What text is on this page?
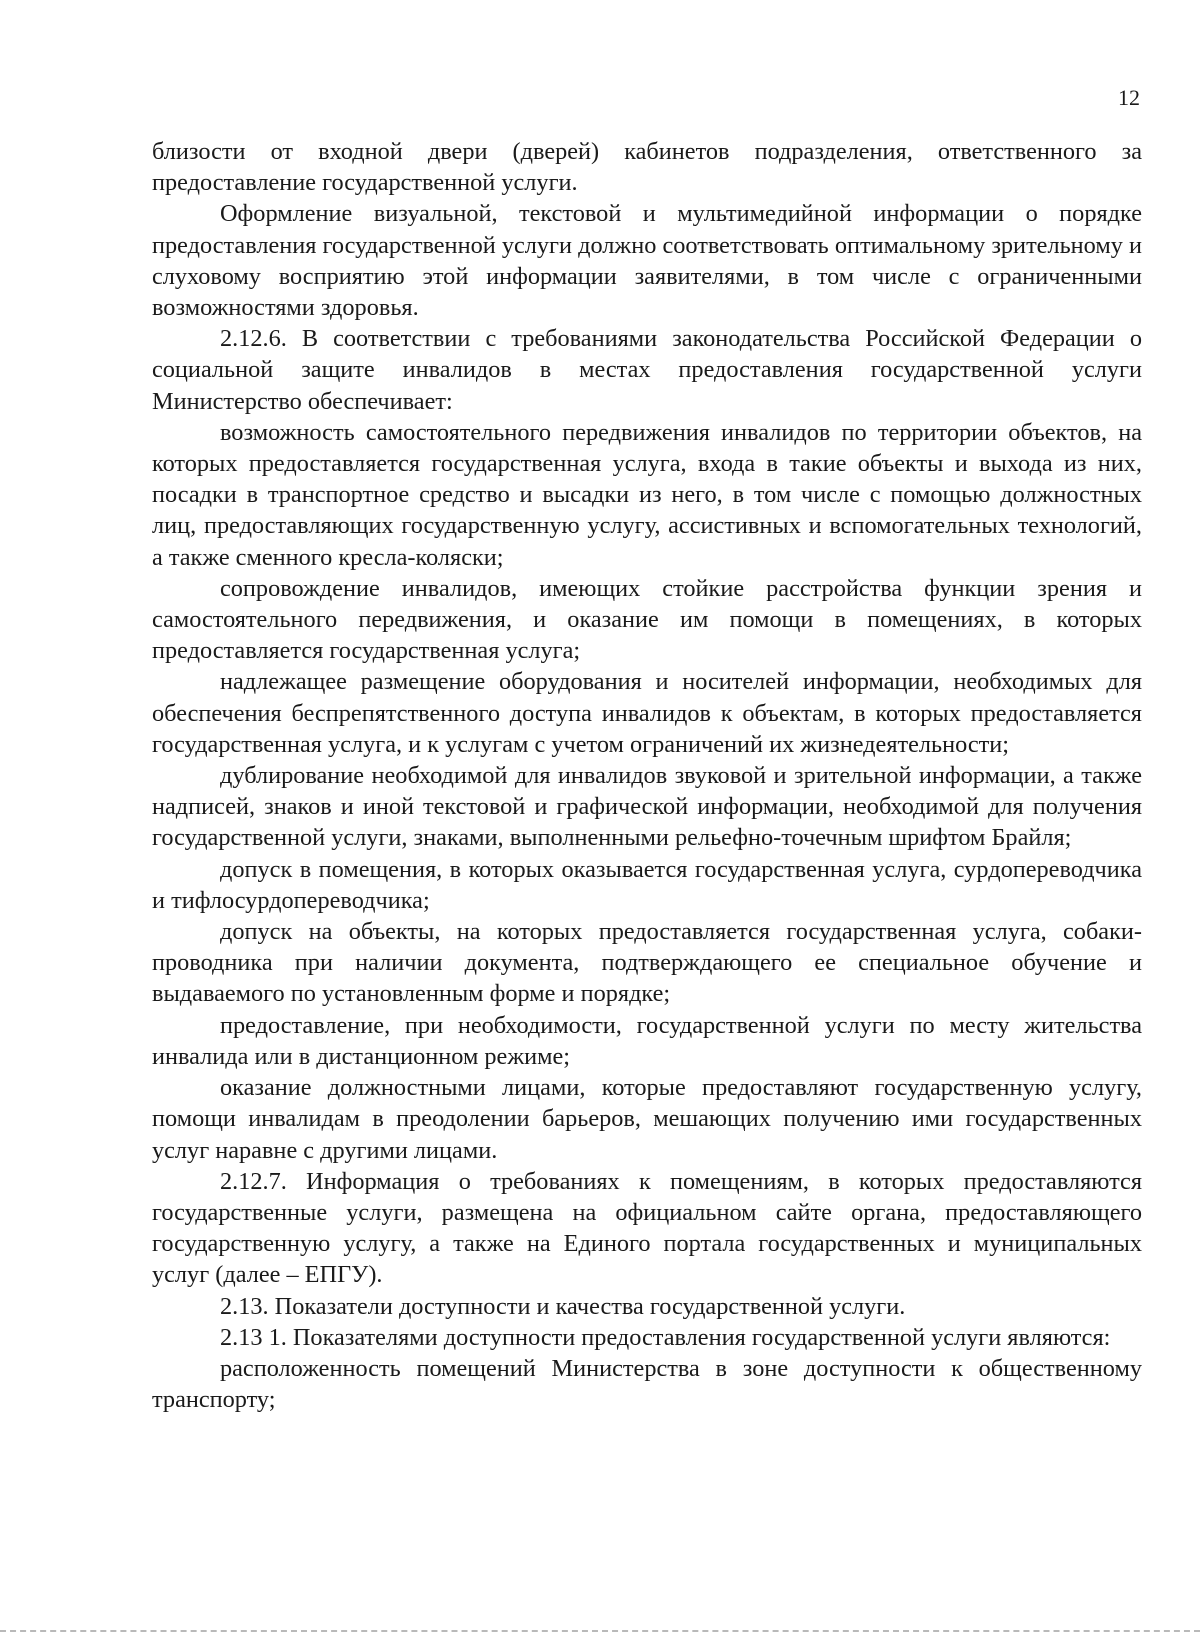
12

близости от входной двери (дверей) кабинетов подразделения, ответственного за предоставление государственной услуги.

Оформление визуальной, текстовой и мультимедийной информации о порядке предоставления государственной услуги должно соответствовать оптимальному зрительному и слуховому восприятию этой информации заявителями, в том числе с ограниченными возможностями здоровья.

2.12.6. В соответствии с требованиями законодательства Российской Федерации о социальной защите инвалидов в местах предоставления государственной услуги Министерство обеспечивает:

возможность самостоятельного передвижения инвалидов по территории объектов, на которых предоставляется государственная услуга, входа в такие объекты и выхода из них, посадки в транспортное средство и высадки из него, в том числе с помощью должностных лиц, предоставляющих государственную услугу, ассистивных и вспомогательных технологий, а также сменного кресла-коляски;

сопровождение инвалидов, имеющих стойкие расстройства функции зрения и самостоятельного передвижения, и оказание им помощи в помещениях, в которых предоставляется государственная услуга;

надлежащее размещение оборудования и носителей информации, необходимых для обеспечения беспрепятственного доступа инвалидов к объектам, в которых предоставляется государственная услуга, и к услугам с учетом ограничений их жизнедеятельности;

дублирование необходимой для инвалидов звуковой и зрительной информации, а также надписей, знаков и иной текстовой и графической информации, необходимой для получения государственной услуги, знаками, выполненными рельефно-точечным шрифтом Брайля;

допуск в помещения, в которых оказывается государственная услуга, сурдопереводчика и тифлосурдопереводчика;

допуск на объекты, на которых предоставляется государственная услуга, собаки-проводника при наличии документа, подтверждающего ее специальное обучение и выдаваемого по установленным форме и порядке;

предоставление, при необходимости, государственной услуги по месту жительства инвалида или в дистанционном режиме;

оказание должностными лицами, которые предоставляют государственную услугу, помощи инвалидам в преодолении барьеров, мешающих получению ими государственных услуг наравне с другими лицами.

2.12.7. Информация о требованиях к помещениям, в которых предоставляются государственные услуги, размещена на официальном сайте органа, предоставляющего государственную услугу, а также на Единого портала государственных и муниципальных услуг (далее – ЕПГУ).

2.13. Показатели доступности и качества государственной услуги.

2.13 1. Показателями доступности предоставления государственной услуги являются:

расположенность помещений Министерства в зоне доступности к общественному транспорту;
